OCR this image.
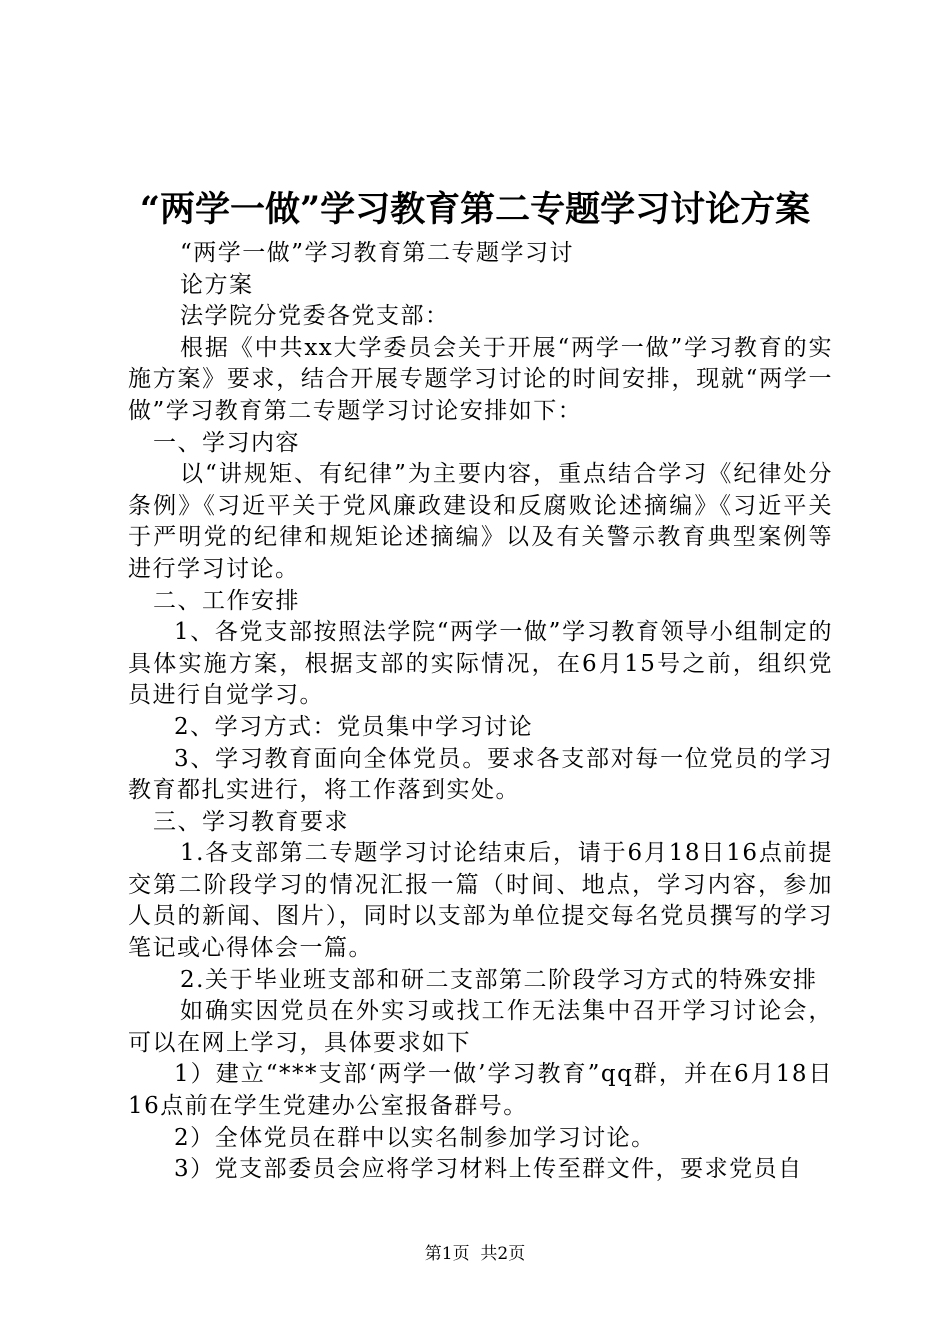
“两学一做”学习教育第二专题学习讨论方案

“两学一做”学习教育第二专题学习讨

论方案

法学院分党委各党支部：

根据《中共xx大学委员会关于开展“两学一做”学习教育的实施方案》要求，结合开展专题学习讨论的时间安排，现就“两学一做”学习教育第二专题学习讨论安排如下：

一、学习内容

以“讲规矩、有纪律”为主要内容，重点结合学习《纪律处分条例》《习近平关于党风廉政建设和反腐败论述摘编》《习近平关于严明党的纪律和规矩论述摘编》以及有关警示教育典型案例等进行学习讨论。

二、工作安排

1、各党支部按照法学院“两学一做”学习教育领导小组制定的具体实施方案，根据支部的实际情况，在6月15号之前，组织党员进行自觉学习。

2、学习方式：党员集中学习讨论

3、学习教育面向全体党员。要求各支部对每一位党员的学习教育都扎实进行，将工作落到实处。

三、学习教育要求

1.各支部第二专题学习讨论结束后，请于6月18日16点前提交第二阶段学习的情况汇报一篇（时间、地点，学习内容，参加人员的新闻、图片），同时以支部为单位提交每名党员撰写的学习笔记或心得体会一篇。

2.关于毕业班支部和研二支部第二阶段学习方式的特殊安排

如确实因党员在外实习或找工作无法集中召开学习讨论会，可以在网上学习，具体要求如下

1）建立“***支部‘两学一做’学习教育”qq群，并在6月18日16点前在学生党建办公室报备群号。

2）全体党员在群中以实名制参加学习讨论。

3）党支部委员会应将学习材料上传至群文件，要求党员自

第1页  共2页
